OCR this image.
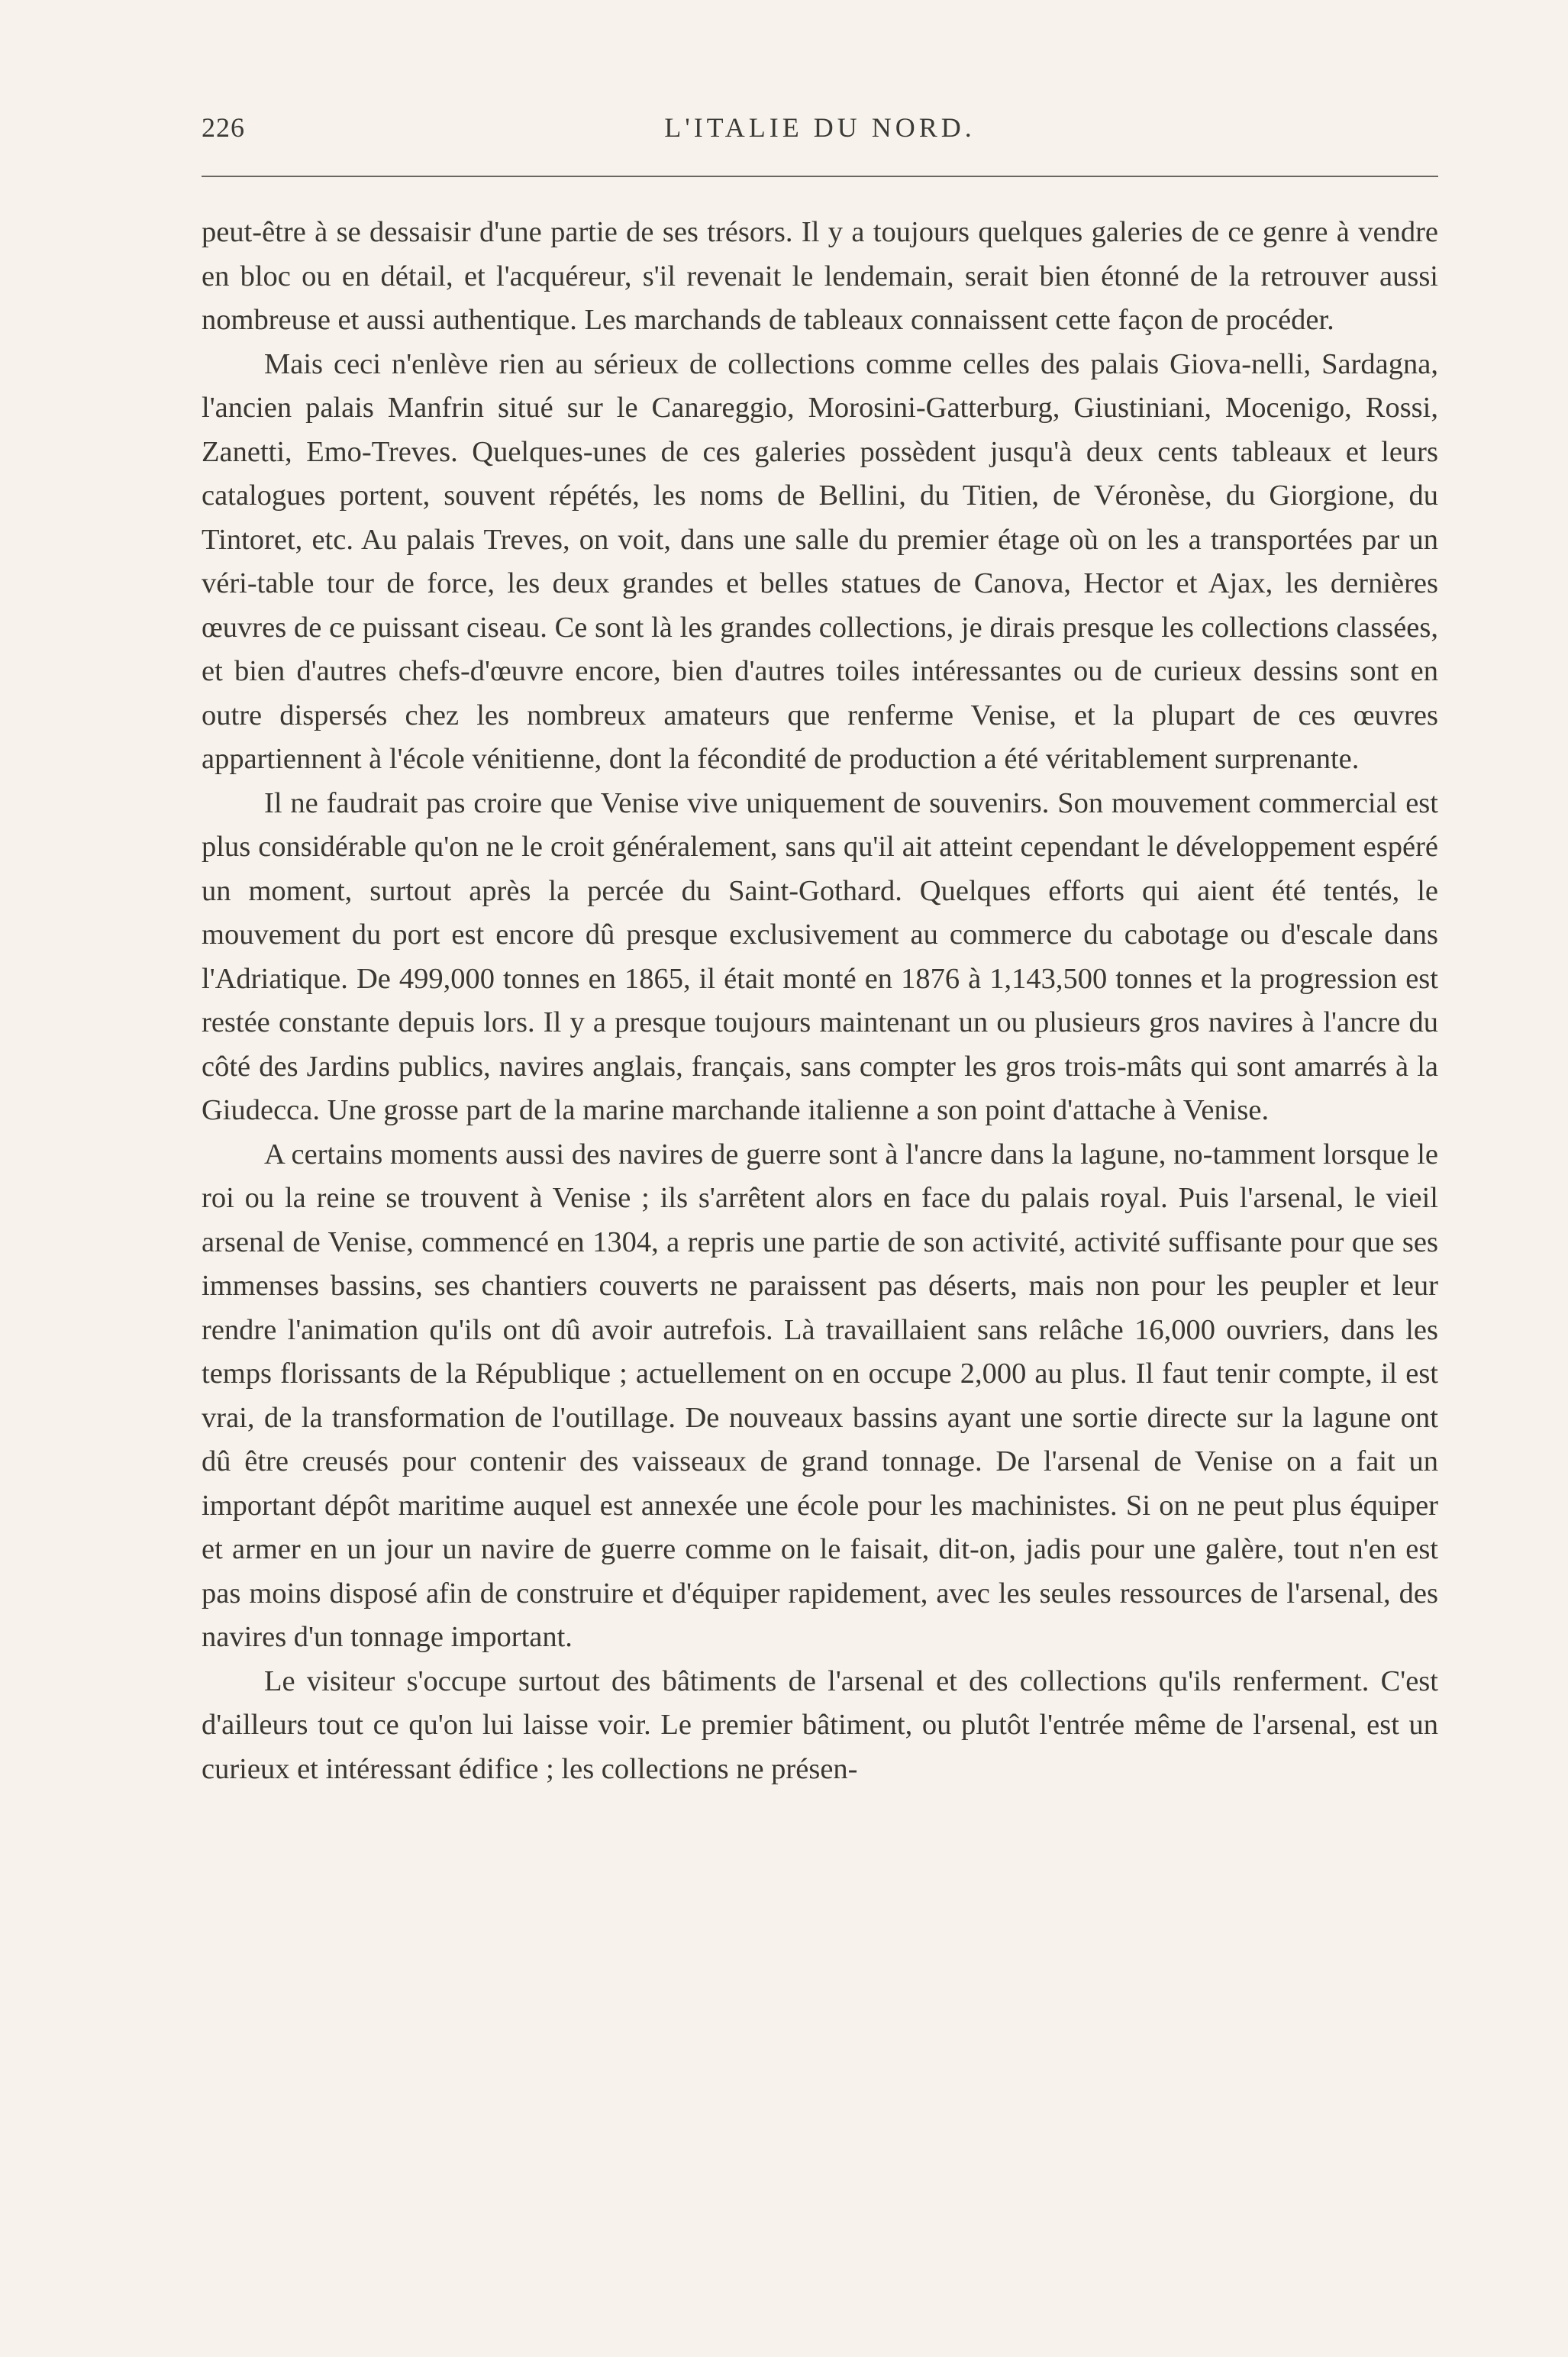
226	L'ITALIE DU NORD.

peut-être à se dessaisir d'une partie de ses trésors. Il y a toujours quelques galeries de ce genre à vendre en bloc ou en détail, et l'acquéreur, s'il revenait le lendemain, serait bien étonné de la retrouver aussi nombreuse et aussi authentique. Les marchands de tableaux connaissent cette façon de procéder.

Mais ceci n'enlève rien au sérieux de collections comme celles des palais Giova-nelli, Sardagna, l'ancien palais Manfrin situé sur le Canareggio, Morosini-Gatterburg, Giustiniani, Mocenigo, Rossi, Zanetti, Emo-Treves. Quelques-unes de ces galeries possèdent jusqu'à deux cents tableaux et leurs catalogues portent, souvent répétés, les noms de Bellini, du Titien, de Véronèse, du Giorgione, du Tintoret, etc. Au palais Treves, on voit, dans une salle du premier étage où on les a transportées par un véri-table tour de force, les deux grandes et belles statues de Canova, Hector et Ajax, les dernières œuvres de ce puissant ciseau. Ce sont là les grandes collections, je dirais presque les collections classées, et bien d'autres chefs-d'œuvre encore, bien d'autres toiles intéressantes ou de curieux dessins sont en outre dispersés chez les nombreux amateurs que renferme Venise, et la plupart de ces œuvres appartiennent à l'école vénitienne, dont la fécondité de production a été véritablement surprenante.

Il ne faudrait pas croire que Venise vive uniquement de souvenirs. Son mouvement commercial est plus considérable qu'on ne le croit généralement, sans qu'il ait atteint cependant le développement espéré un moment, surtout après la percée du Saint-Gothard. Quelques efforts qui aient été tentés, le mouvement du port est encore dû presque exclusivement au commerce du cabotage ou d'escale dans l'Adriatique. De 499,000 tonnes en 1865, il était monté en 1876 à 1,143,500 tonnes et la progression est restée constante depuis lors. Il y a presque toujours maintenant un ou plusieurs gros navires à l'ancre du côté des Jardins publics, navires anglais, français, sans compter les gros trois-mâts qui sont amarrés à la Giudecca. Une grosse part de la marine marchande italienne a son point d'attache à Venise.

A certains moments aussi des navires de guerre sont à l'ancre dans la lagune, no-tamment lorsque le roi ou la reine se trouvent à Venise ; ils s'arrêtent alors en face du palais royal. Puis l'arsenal, le vieil arsenal de Venise, commencé en 1304, a repris une partie de son activité, activité suffisante pour que ses immenses bassins, ses chantiers couverts ne paraissent pas déserts, mais non pour les peupler et leur rendre l'animation qu'ils ont dû avoir autrefois. Là travaillaient sans relâche 16,000 ouvriers, dans les temps florissants de la République ; actuellement on en occupe 2,000 au plus. Il faut tenir compte, il est vrai, de la transformation de l'outillage. De nouveaux bassins ayant une sortie directe sur la lagune ont dû être creusés pour contenir des vaisseaux de grand tonnage. De l'arsenal de Venise on a fait un important dépôt maritime auquel est annexée une école pour les machinistes. Si on ne peut plus équiper et armer en un jour un navire de guerre comme on le faisait, dit-on, jadis pour une galère, tout n'en est pas moins disposé afin de construire et d'équiper rapidement, avec les seules ressources de l'arsenal, des navires d'un tonnage important.

Le visiteur s'occupe surtout des bâtiments de l'arsenal et des collections qu'ils renferment. C'est d'ailleurs tout ce qu'on lui laisse voir. Le premier bâtiment, ou plutôt l'entrée même de l'arsenal, est un curieux et intéressant édifice ; les collections ne présen-
